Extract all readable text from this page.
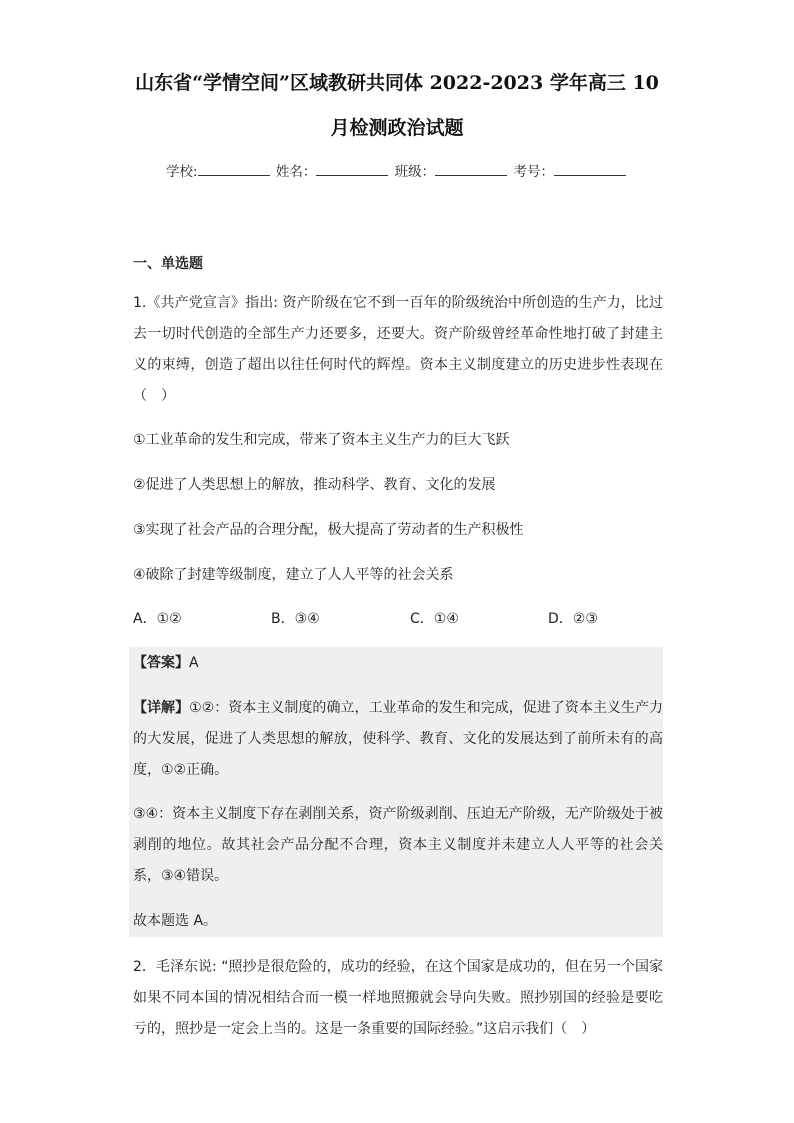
山东省“学情空间”区域教研共同体 2022-2023 学年高三 10
月检测政治试题
学校:	姓名：	班级：	考号：
一、单选题
1.《共产党宣言》指出: 资产阶级在它不到一百年的阶级统治中所创造的生产力，比过去一切时代创造的全部生产力还要多，还要大。资产阶级曾经革命性地打破了封建主义的束缚，创造了超出以往任何时代的辉煌。资本主义制度建立的历史进步性表现在（　）
①工业革命的发生和完成，带来了资本主义生产力的巨大飞跃
②促进了人类思想上的解放，推动科学、教育、文化的发展
③实现了社会产品的合理分配，极大提高了劳动者的生产积极性
④破除了封建等级制度，建立了人人平等的社会关系
A．①②	B．③④	C．①④	D．②③
【答案】A
【详解】①②：资本主义制度的确立，工业革命的发生和完成，促进了资本主义生产力的大发展，促进了人类思想的解放，使科学、教育、文化的发展达到了前所未有的高度，①②正确。
③④：资本主义制度下存在剥削关系，资产阶级剥削、压迫无产阶级，无产阶级处于被剥削的地位。故其社会产品分配不合理，资本主义制度并未建立人人平等的社会关系，③④错误。
故本题选 A。
2．毛泽东说: “照抄是很危险的，成功的经验，在这个国家是成功的，但在另一个国家如果不同本国的情况相结合而一模一样地照搬就会导向失败。照抄别国的经验是要吃亏的，照抄是一定会上当的。这是一条重要的国际经验。”这启示我们（　）
